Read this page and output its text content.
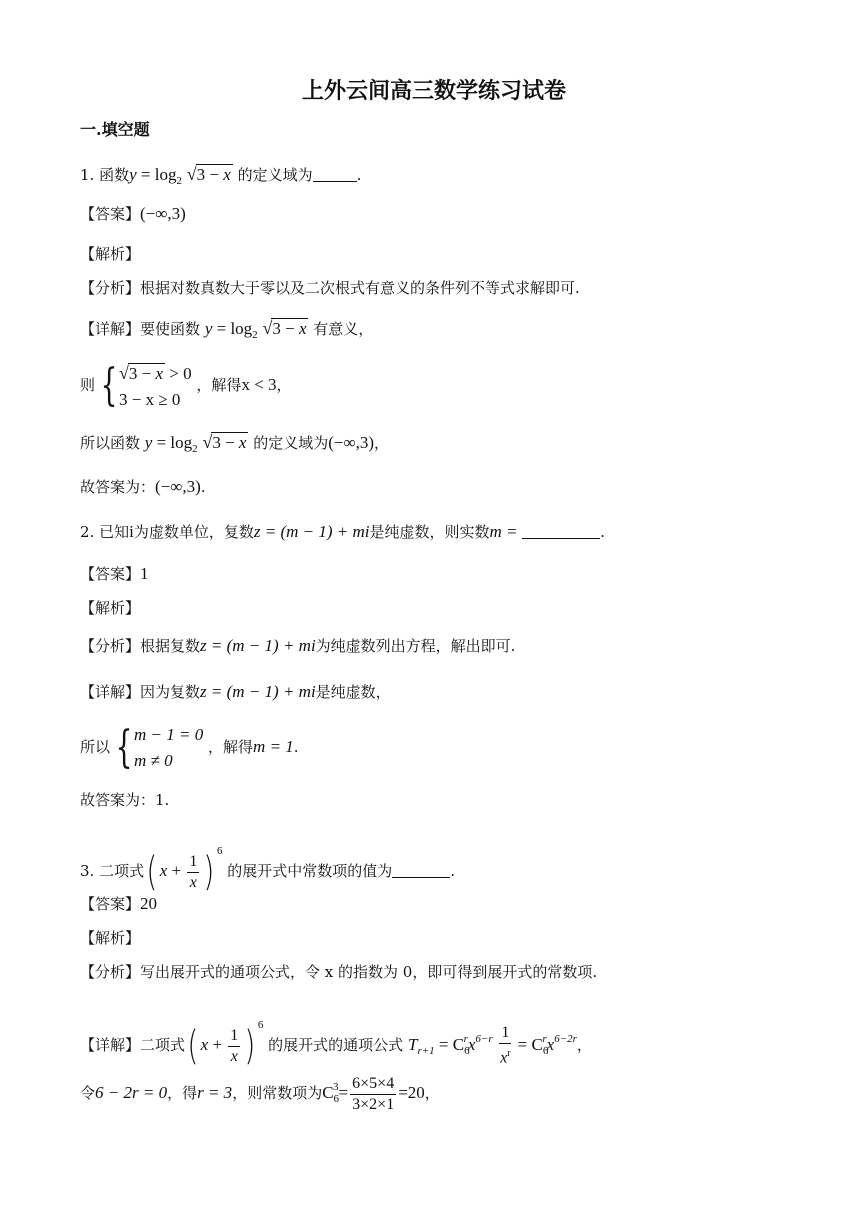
上外云间高三数学练习试卷
一.填空题
1. 函数$y = \log_2 √3 - x$ 的定义域为	.
【答案】(−∞,3)
【解析】
【分析】根据对数真数大于零以及二次根式有意义的条件列不等式求解即可.
【详解】要使函数 $y = \log_2 √3 - x$ 有意义，
则 { √3 − x > 0
3 − x ≥ 0
，解得x < 3，
所以函数 $y = \log_2 √3 - x$ 的定义域为(−∞,3)，
故答案为：(−∞,3).
2. 已知i为虚数单位，复数z = (m − 1) + mi是纯虚数，则实数m =	.
【答案】1
【解析】
【分析】根据复数z = (m − 1) + mi为纯虚数列出方程，解出即可.
【详解】因为复数z = (m − 1) + mi是纯虚数，
所以 { m − 1 = 0
m ≠ 0
，解得m = 1.
故答案为：1.
3. 二项式( $x + \frac{1}{x}$ ) $^6$ 的展开式中常数项的值为	.
【答案】20
【解析】
【分析】写出展开式的通项公式，令 x 的指数为 0，即可得到展开式的常数项.
【详解】二项式( $x + \frac{1}{x}$ ) $^6$ 的展开式的通项公式 $T_{r+1} = C_6^rx^{6-r} \frac{1}{x^r} = C_6^rx^{6-2r}$，
令6 − 2r = 0，得r = 3，则常数项为$C_6^3= \frac{6\times 5\times 4}{3\times 2\times 1} =20$，
